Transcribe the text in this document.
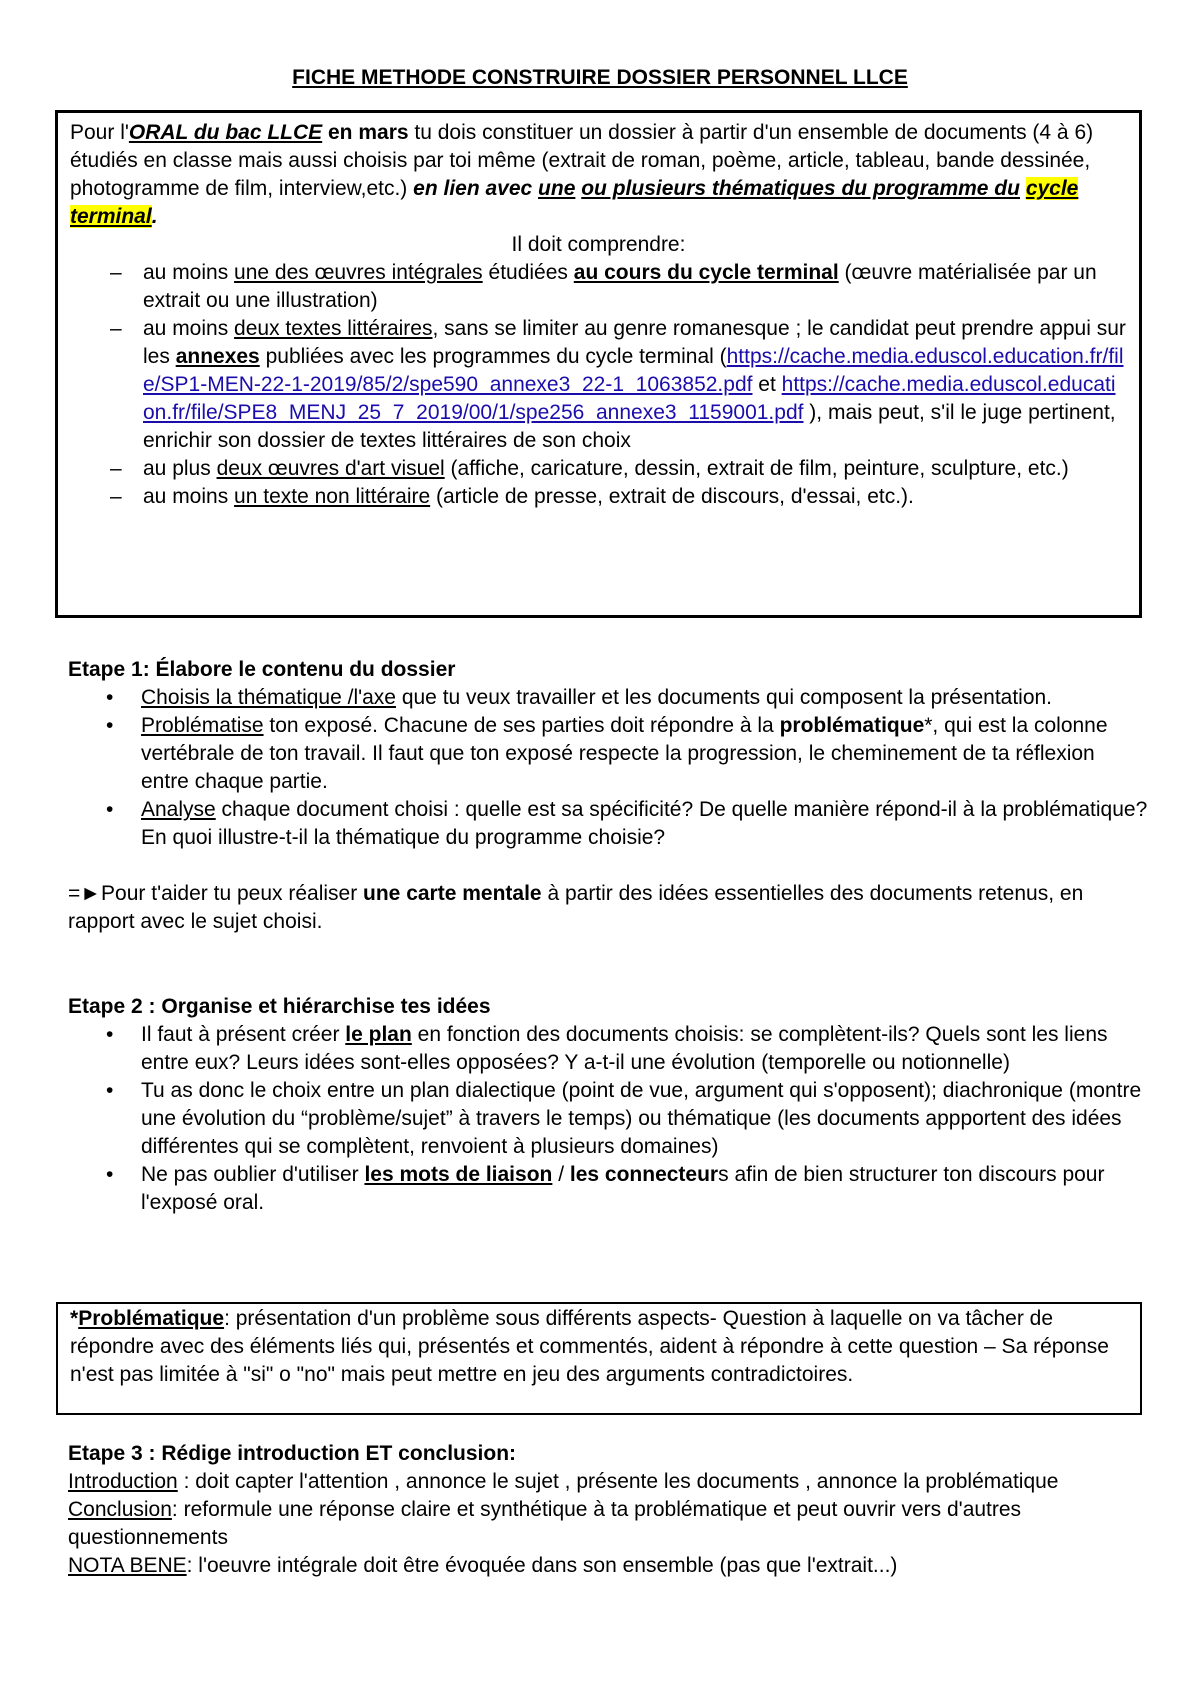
FICHE METHODE CONSTRUIRE DOSSIER PERSONNEL LLCE

Pour l'ORAL du bac LLCE en mars tu dois constituer un dossier à partir d'un ensemble de documents (4 à 6) étudiés en classe mais aussi choisis par toi même (extrait de roman, poème, article, tableau, bande dessinée, photogramme de film, interview,etc.) en lien avec une ou plusieurs thématiques du programme du cycle terminal.

Il doit comprendre:

– au moins une des œuvres intégrales étudiées au cours du cycle terminal (œuvre matérialisée par un extrait ou une illustration)
– au moins deux textes littéraires, sans se limiter au genre romanesque ; le candidat peut prendre appui sur les annexes publiées avec les programmes du cycle terminal (https://cache.media.eduscol.education.fr/file/SP1-MEN-22-1-2019/85/2/spe590_annexe3_22-1_1063852.pdf et https://cache.media.eduscol.education.fr/file/SPE8_MENJ_25_7_2019/00/1/spe256_annexe3_1159001.pdf ), mais peut, s'il le juge pertinent, enrichir son dossier de textes littéraires de son choix
– au plus deux œuvres d'art visuel (affiche, caricature, dessin, extrait de film, peinture, sculpture, etc.)
– au moins un texte non littéraire (article de presse, extrait de discours, d'essai, etc.).

Etape 1: Élabore le contenu du dossier

• Choisis la thématique /l'axe que tu veux travailler et les documents qui composent la présentation.
• Problématise ton exposé. Chacune de ses parties doit répondre à la problématique*, qui est la colonne vertébrale de ton travail. Il faut que ton exposé respecte la progression, le cheminement de ta réflexion entre chaque partie.
• Analyse chaque document choisi : quelle est sa spécificité? De quelle manière répond-il à la problématique? En quoi illustre-t-il la thématique du programme choisie?

=►Pour t'aider tu peux réaliser une carte mentale à partir des idées essentielles des documents retenus, en rapport avec le sujet choisi.

Etape 2 : Organise et hiérarchise tes idées

• Il faut à présent créer le plan en fonction des documents choisis: se complètent-ils? Quels sont les liens entre eux? Leurs idées sont-elles opposées? Y a-t-il une évolution (temporelle ou notionnelle)
• Tu as donc le choix entre un plan dialectique (point de vue, argument qui s'opposent); diachronique (montre une évolution du “problème/sujet” à travers le temps) ou thématique (les documents appportent des idées différentes qui se complètent, renvoient à plusieurs domaines)
• Ne pas oublier d'utiliser les mots de liaison / les connecteurs afin de bien structurer ton discours pour l'exposé oral.

*Problématique: présentation d'un problème sous différents aspects- Question à laquelle on va tâcher de répondre avec des éléments liés qui, présentés et commentés, aident à répondre à cette question – Sa réponse n'est pas limitée à "si" o "no" mais peut mettre en jeu des arguments contradictoires.

Etape 3 : Rédige introduction ET conclusion:

Introduction : doit capter l'attention , annonce le sujet , présente les documents , annonce la problématique

Conclusion: reformule une réponse claire et synthétique à ta problématique et peut ouvrir vers d'autres questionnements

NOTA BENE: l'oeuvre intégrale doit être évoquée dans son ensemble (pas que l'extrait...)
